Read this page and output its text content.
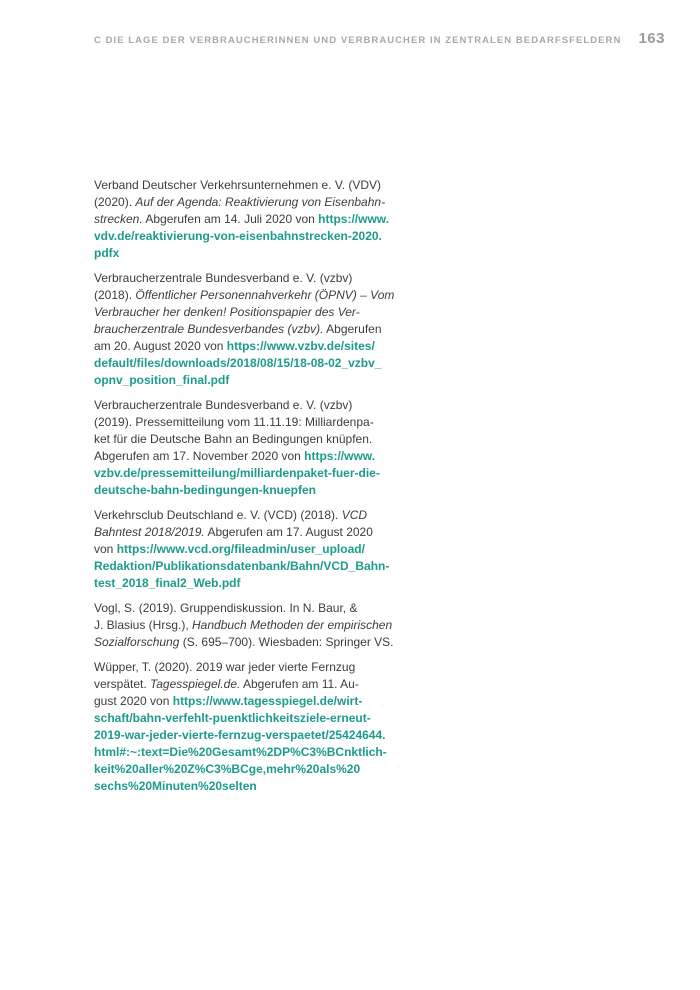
C DIE LAGE DER VERBRAUCHERINNEN UND VERBRAUCHER IN ZENTRALEN BEDARFSFELDERN 163
Verband Deutscher Verkehrsunternehmen e. V. (VDV)
(2020). Auf der Agenda: Reaktivierung von Eisenbahn-
strecken. Abgerufen am 14. Juli 2020 von https://www.
vdv.de/reaktivierung-von-eisenbahnstrecken-2020.
pdfx
Verbraucherzentrale Bundesverband e. V. (vzbv)
(2018). Öffentlicher Personennahverkehr (ÖPNV) – Vom
Verbraucher her denken! Positionspapier des Ver-
braucherzentrale Bundesverbandes (vzbv). Abgerufen
am 20. August 2020 von https://www.vzbv.de/sites/
default/files/downloads/2018/08/15/18-08-02_vzbv_
opnv_position_final.pdf
Verbraucherzentrale Bundesverband e. V. (vzbv)
(2019). Pressemitteilung vom 11.11.19: Milliardenpa-
ket für die Deutsche Bahn an Bedingungen knüpfen.
Abgerufen am 17. November 2020 von https://www.
vzbv.de/pressemitteilung/milliardenpaket-fuer-die-
deutsche-bahn-bedingungen-knuepfen
Verkehrsclub Deutschland e. V. (VCD) (2018). VCD
Bahntest 2018/2019. Abgerufen am 17. August 2020
von https://www.vcd.org/fileadmin/user_upload/
Redaktion/Publikationsdatenbank/Bahn/VCD_Bahn-
test_2018_final2_Web.pdf
Vogl, S. (2019). Gruppendiskussion. In N. Baur, &
J. Blasius (Hrsg.), Handbuch Methoden der empirischen
Sozialforschung (S. 695–700). Wiesbaden: Springer VS.
Wüpper, T. (2020). 2019 war jeder vierte Fernzug
verspätet. Tagesspiegel.de. Abgerufen am 11. Au-
gust 2020 von https://www.tagesspiegel.de/wirt-
schaft/bahn-verfehlt-puenktlichkeitsziele-erneut-
2019-war-jeder-vierte-fernzug-verspaetet/25424644.
html#:~:text=Die%20Gesamt%2DP%C3%BCnktlich-
keit%20aller%20Z%C3%BCge,mehr%20als%20
sechs%20Minuten%20selten
